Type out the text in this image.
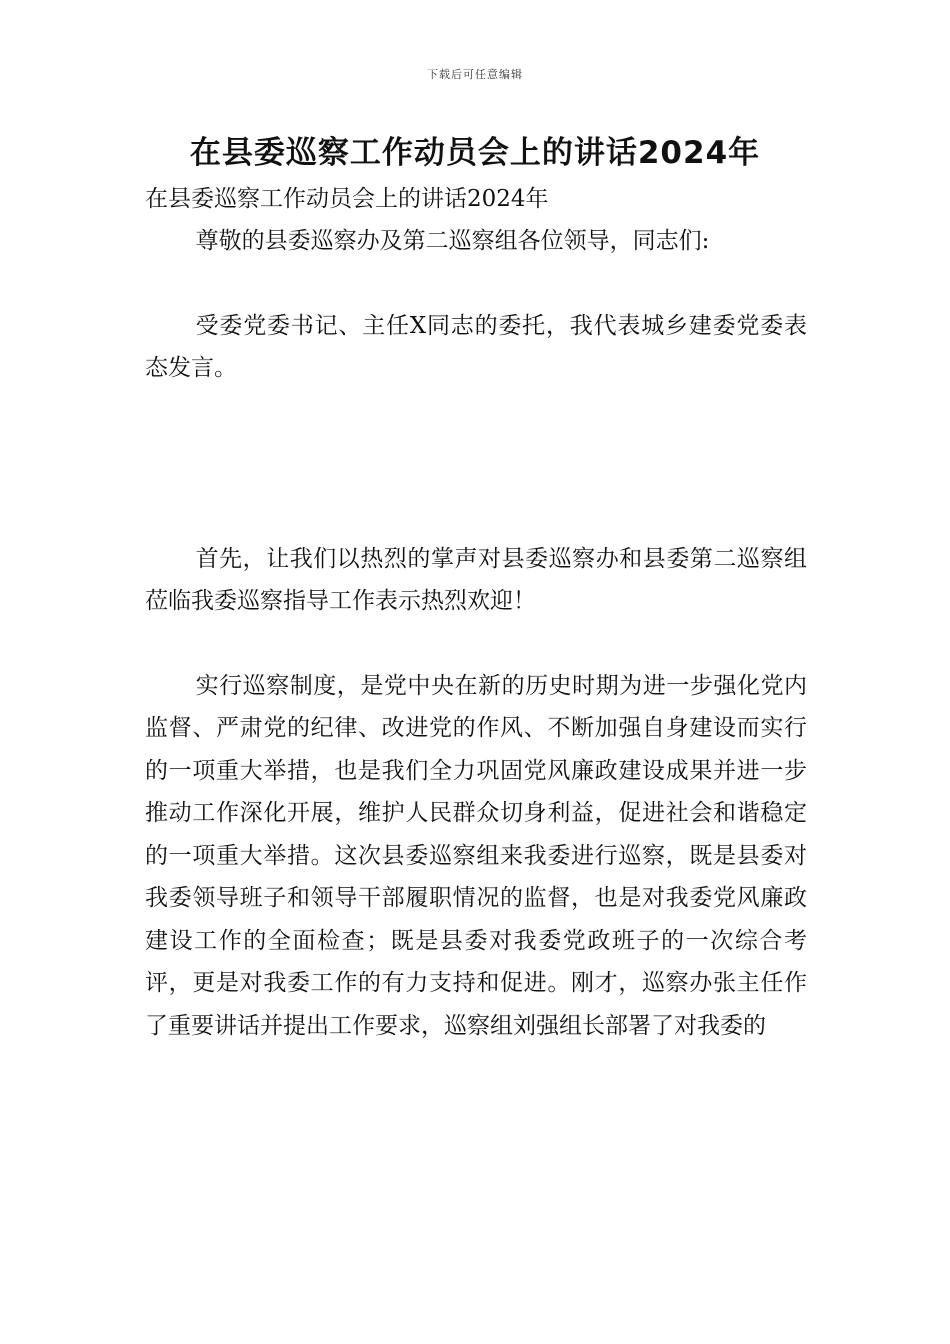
下载后可任意编辑
在县委巡察工作动员会上的讲话2024年

在县委巡察工作动员会上的讲话2024年

尊敬的县委巡察办及第二巡察组各位领导，同志们:

受委党委书记、主任X同志的委托，我代表城乡建委党委表态发言。

首先，让我们以热烈的掌声对县委巡察办和县委第二巡察组莅临我委巡察指导工作表示热烈欢迎！

实行巡察制度，是党中央在新的历史时期为进一步强化党内监督、严肃党的纪律、改进党的作风、不断加强自身建设而实行的一项重大举措，也是我们全力巩固党风廉政建设成果并进一步推动工作深化开展，维护人民群众切身利益，促进社会和谐稳定的一项重大举措。这次县委巡察组来我委进行巡察，既是县委对我委领导班子和领导干部履职情况的监督，也是对我委党风廉政建设工作的全面检查；既是县委对我委党政班子的一次综合考评，更是对我委工作的有力支持和促进。刚才，巡察办张主任作了重要讲话并提出工作要求，巡察组刘强组长部署了对我委的
